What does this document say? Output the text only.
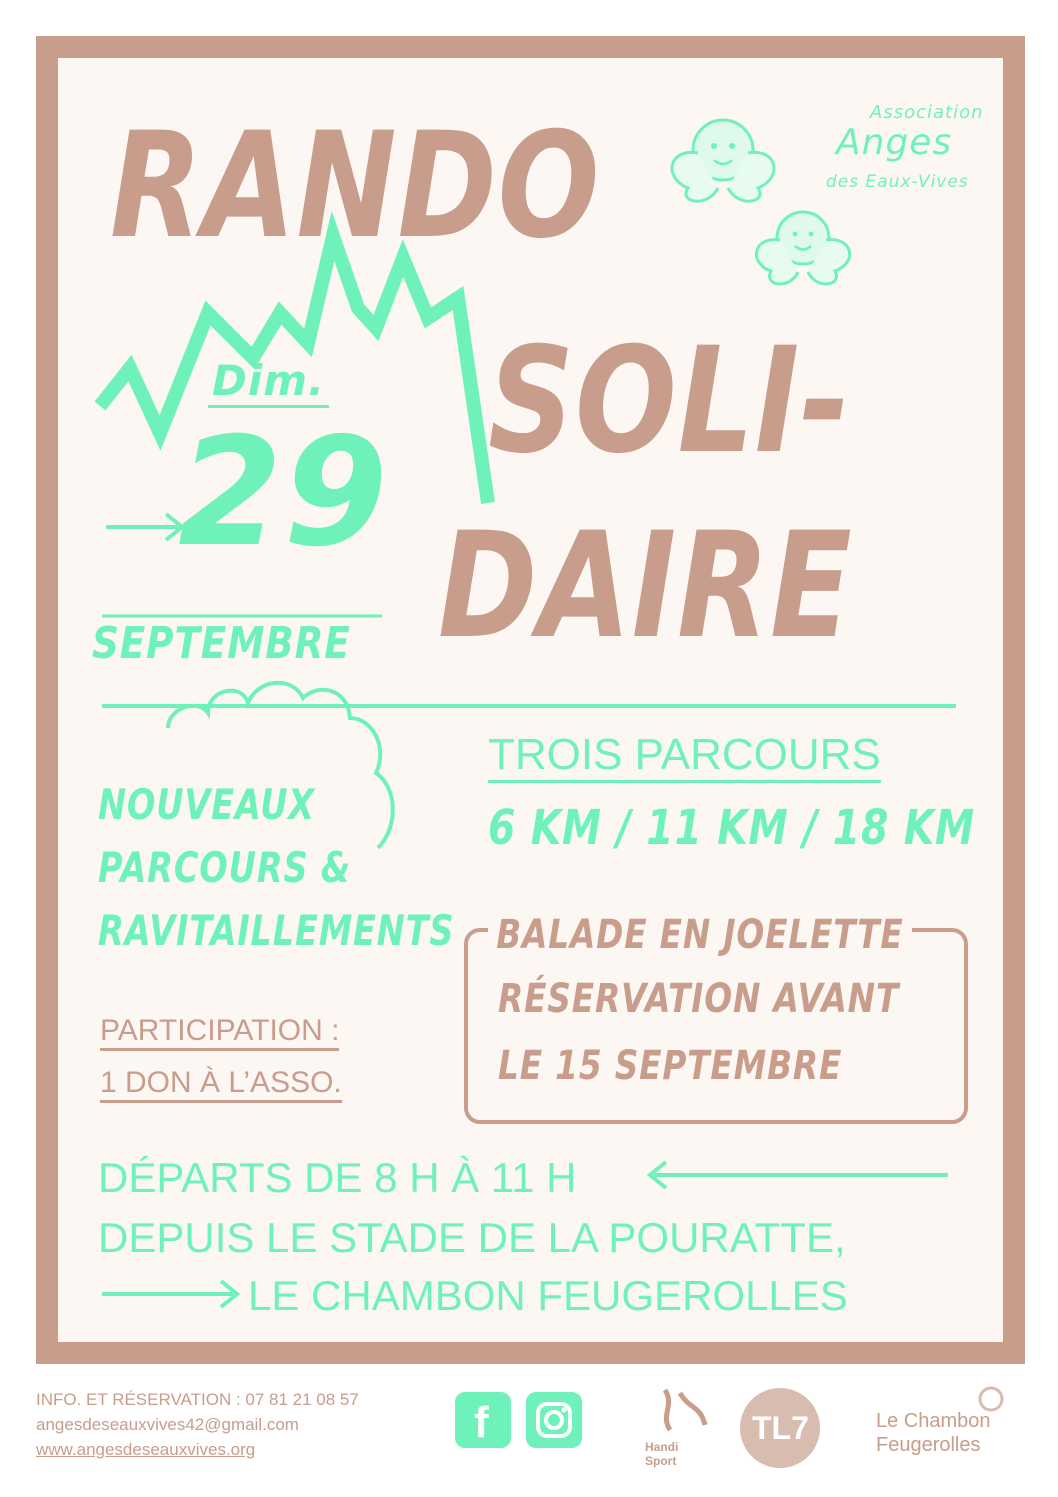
RANDO
SOLI-
DAIRE
Association
Anges
des Eaux-Vives
Dim.
29
SEPTEMBRE
NOUVEAUX
PARCOURS &
RAVITAILLEMENTS
TROIS PARCOURS
6 KM / 11 KM / 18 KM
BALADE EN JOELETTE
RÉSERVATION AVANT
LE 15 SEPTEMBRE
PARTICIPATION :
1 DON À L’ASSO.
DÉPARTS DE 8 H À 11 H
DEPUIS LE STADE DE LA POURATTE,
LE CHAMBON FEUGEROLLES
INFO. ET RÉSERVATION : 07 81 21 08 57
angesdeseauxvives42@gmail.com
www.angesdeseauxvives.org
f	Handi
Sport
TL7	Le Chambon
Feugerolles
